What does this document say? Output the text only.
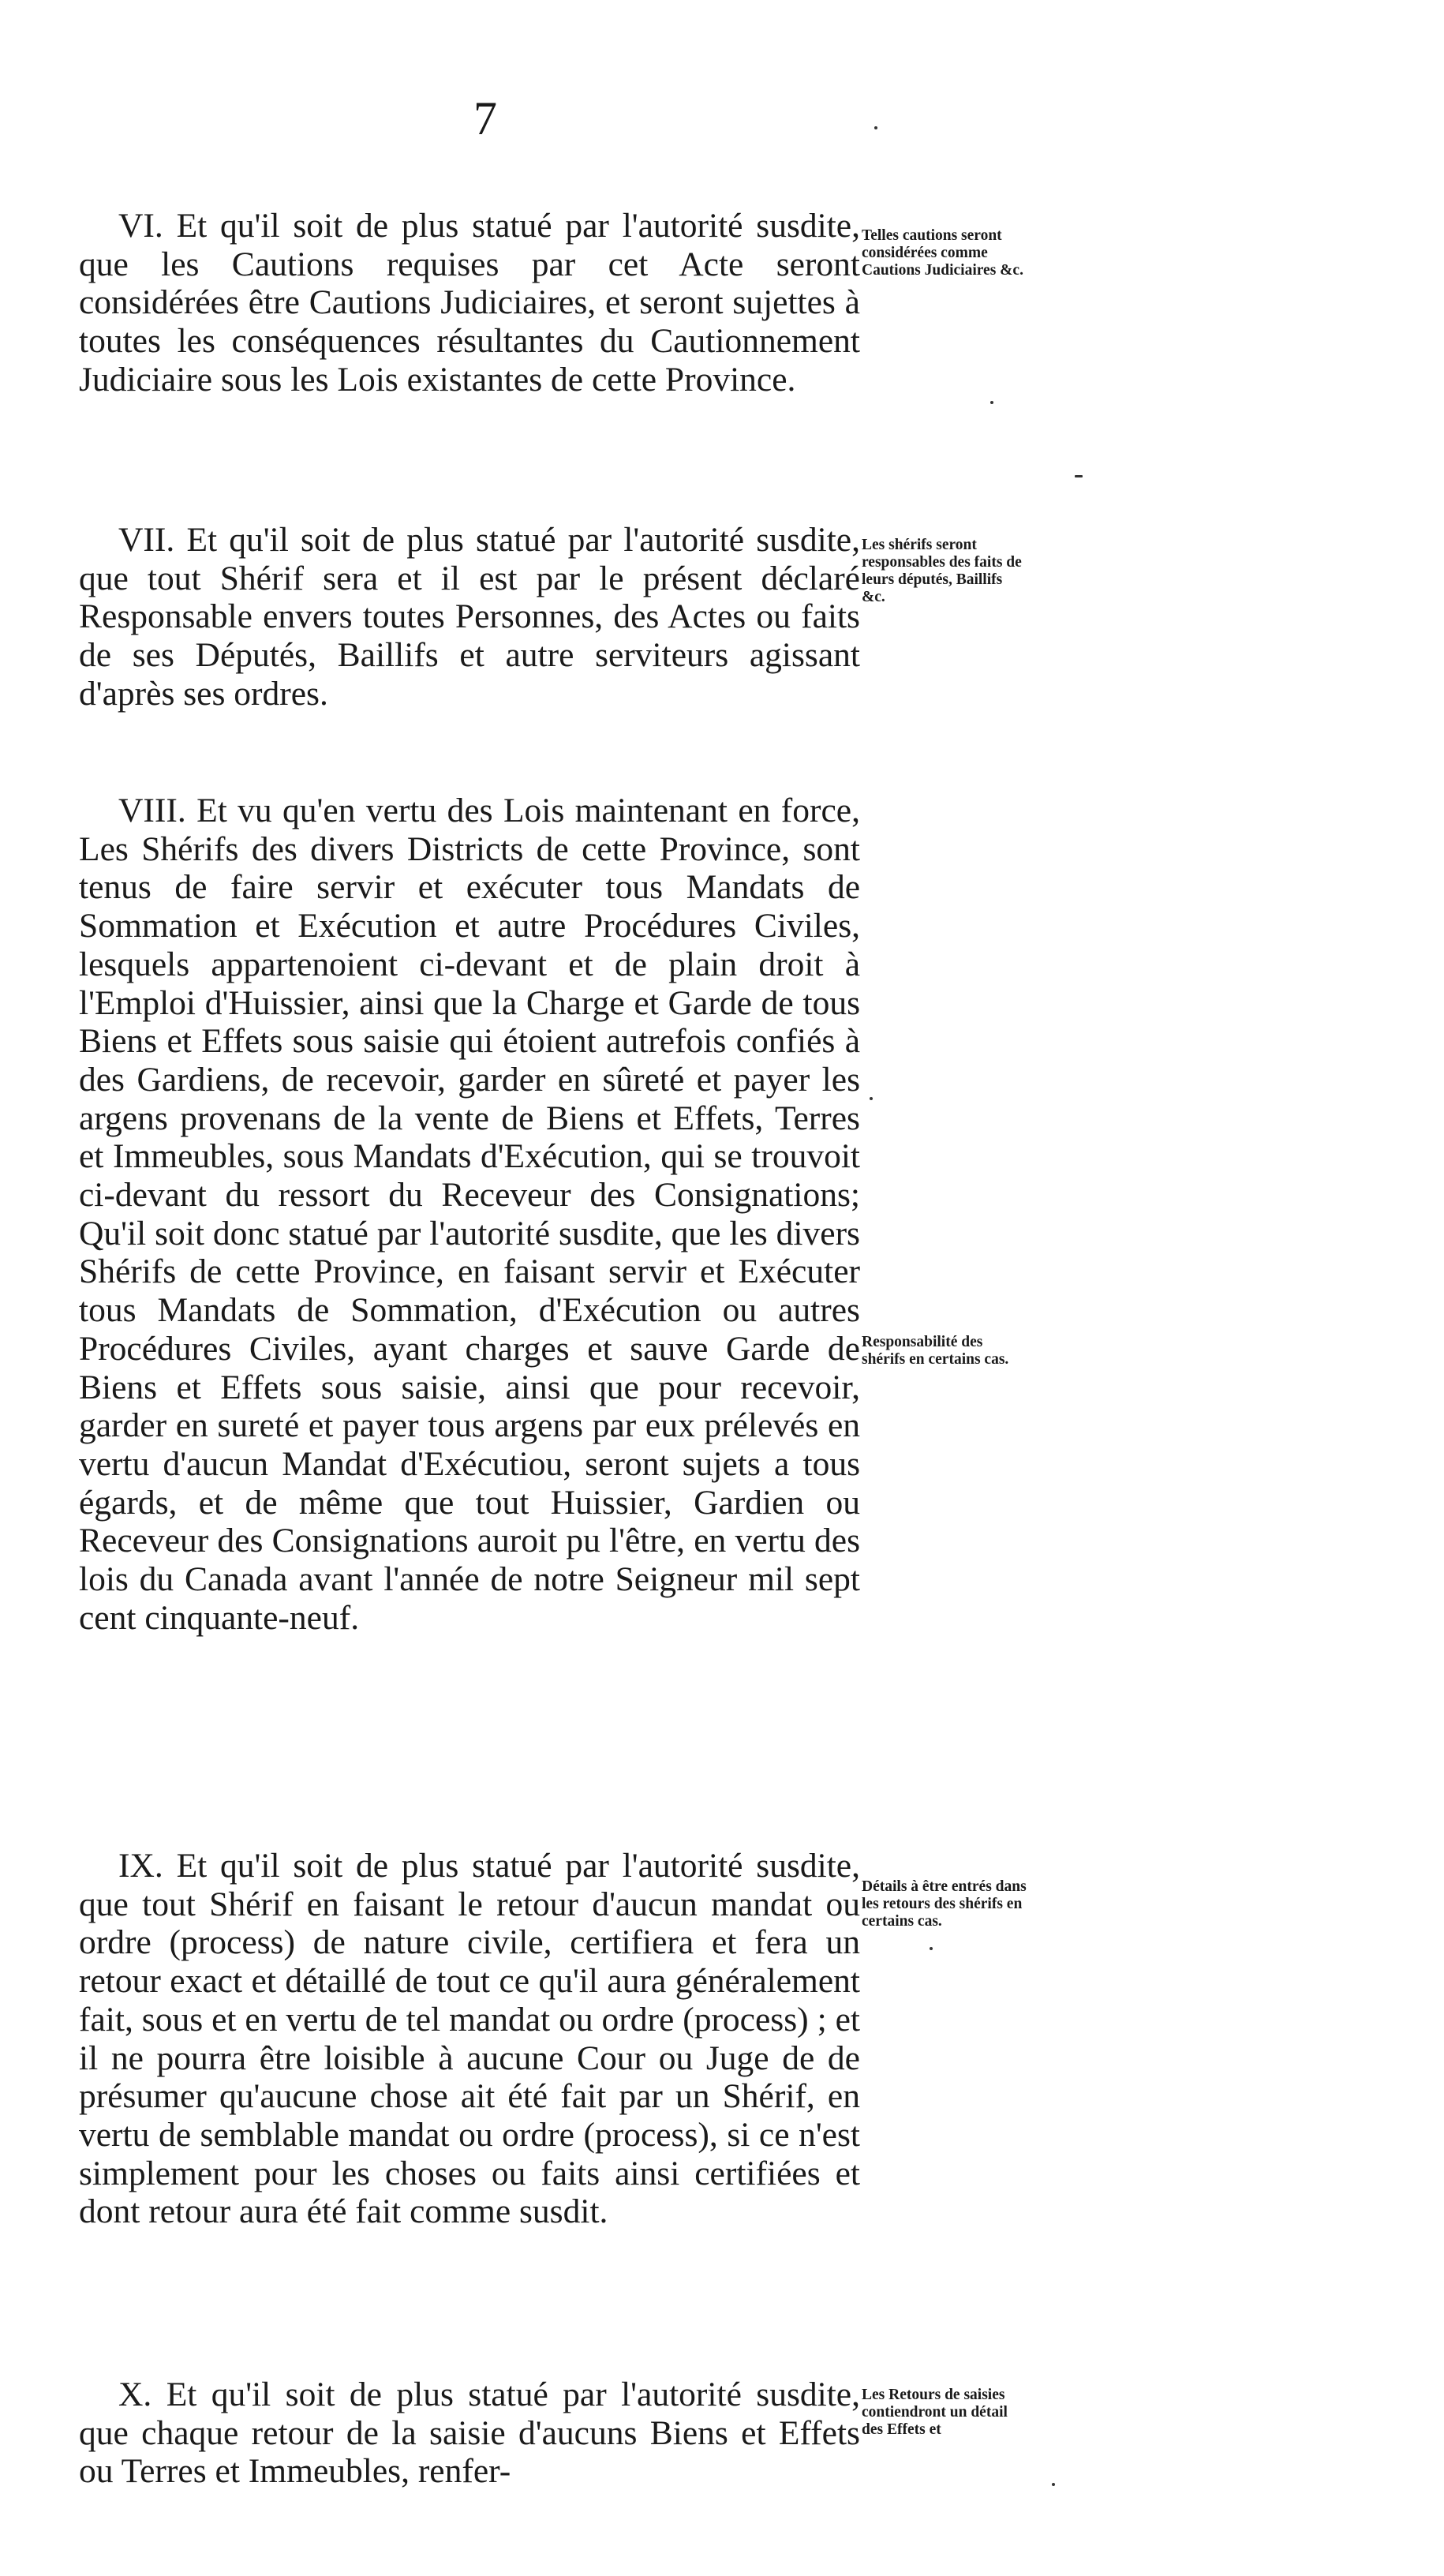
7

VI. Et qu'il soit de plus statué par l'autorité susdite, que les Cautions requises par cet Acte seront considérées être Cautions Judiciaires, et seront sujettes à toutes les conséquences résultantes du Cautionnement Judiciaire sous les Lois existantes de cette Province.

Telles cautions seront considérées comme Cautions Judiciaires &c.

VII. Et qu'il soit de plus statué par l'autorité susdite, que tout Shérif sera et il est par le présent déclaré Responsable envers toutes Personnes, des Actes ou faits de ses Députés, Baillifs et autre serviteurs agissant d'après ses ordres.

Les shérifs seront responsables des faits de leurs députés, Baillifs &c.

VIII. Et vu qu'en vertu des Lois maintenant en force, Les Shérifs des divers Districts de cette Province, sont tenus de faire servir et exécuter tous Mandats de Sommation et Exécution et autre Procédures Civiles, lesquels appartenoient ci-devant et de plain droit à l'Emploi d'Huissier, ainsi que la Charge et Garde de tous Biens et Effets sous saisie qui étoient autrefois confiés à des Gardiens, de recevoir, garder en sûreté et payer les argens provenans de la vente de Biens et Effets, Terres et Immeubles, sous Mandats d'Exécution, qui se trouvoit ci-devant du ressort du Receveur des Consignations; Qu'il soit donc statué par l'autorité susdite, que les divers Shérifs de cette Province, en faisant servir et Exécuter tous Mandats de Sommation, d'Exécution ou autres Procédures Civiles, ayant charges et sauve Garde de Biens et Effets sous saisie, ainsi que pour recevoir, garder en sureté et payer tous argens par eux prélevés en vertu d'aucun Mandat d'Exécutiou, seront sujets a tous égards, et de même que tout Huissier, Gardien ou Receveur des Consignations auroit pu l'être, en vertu des lois du Canada avant l'année de notre Seigneur mil sept cent cinquante-neuf.

Responsabilité des shérifs en certains cas.

IX. Et qu'il soit de plus statué par l'autorité susdite, que tout Shérif en faisant le retour d'aucun mandat ou ordre (process) de nature civile, certifiera et fera un retour exact et détaillé de tout ce qu'il aura généralement fait, sous et en vertu de tel mandat ou ordre (process) ; et il ne pourra être loisible à aucune Cour ou Juge de de présumer qu'aucune chose ait été fait par un Shérif, en vertu de semblable mandat ou ordre (process), si ce n'est simplement pour les choses ou faits ainsi certifiées et dont retour aura été fait comme susdit.

Détails à être entrés dans les retours des shérifs en certains cas.

X. Et qu'il soit de plus statué par l'autorité susdite, que chaque retour de la saisie d'aucuns Biens et Effets ou Terres et Immeubles, renfer-

Les Retours de saisies contiendront un détail des Effets et
